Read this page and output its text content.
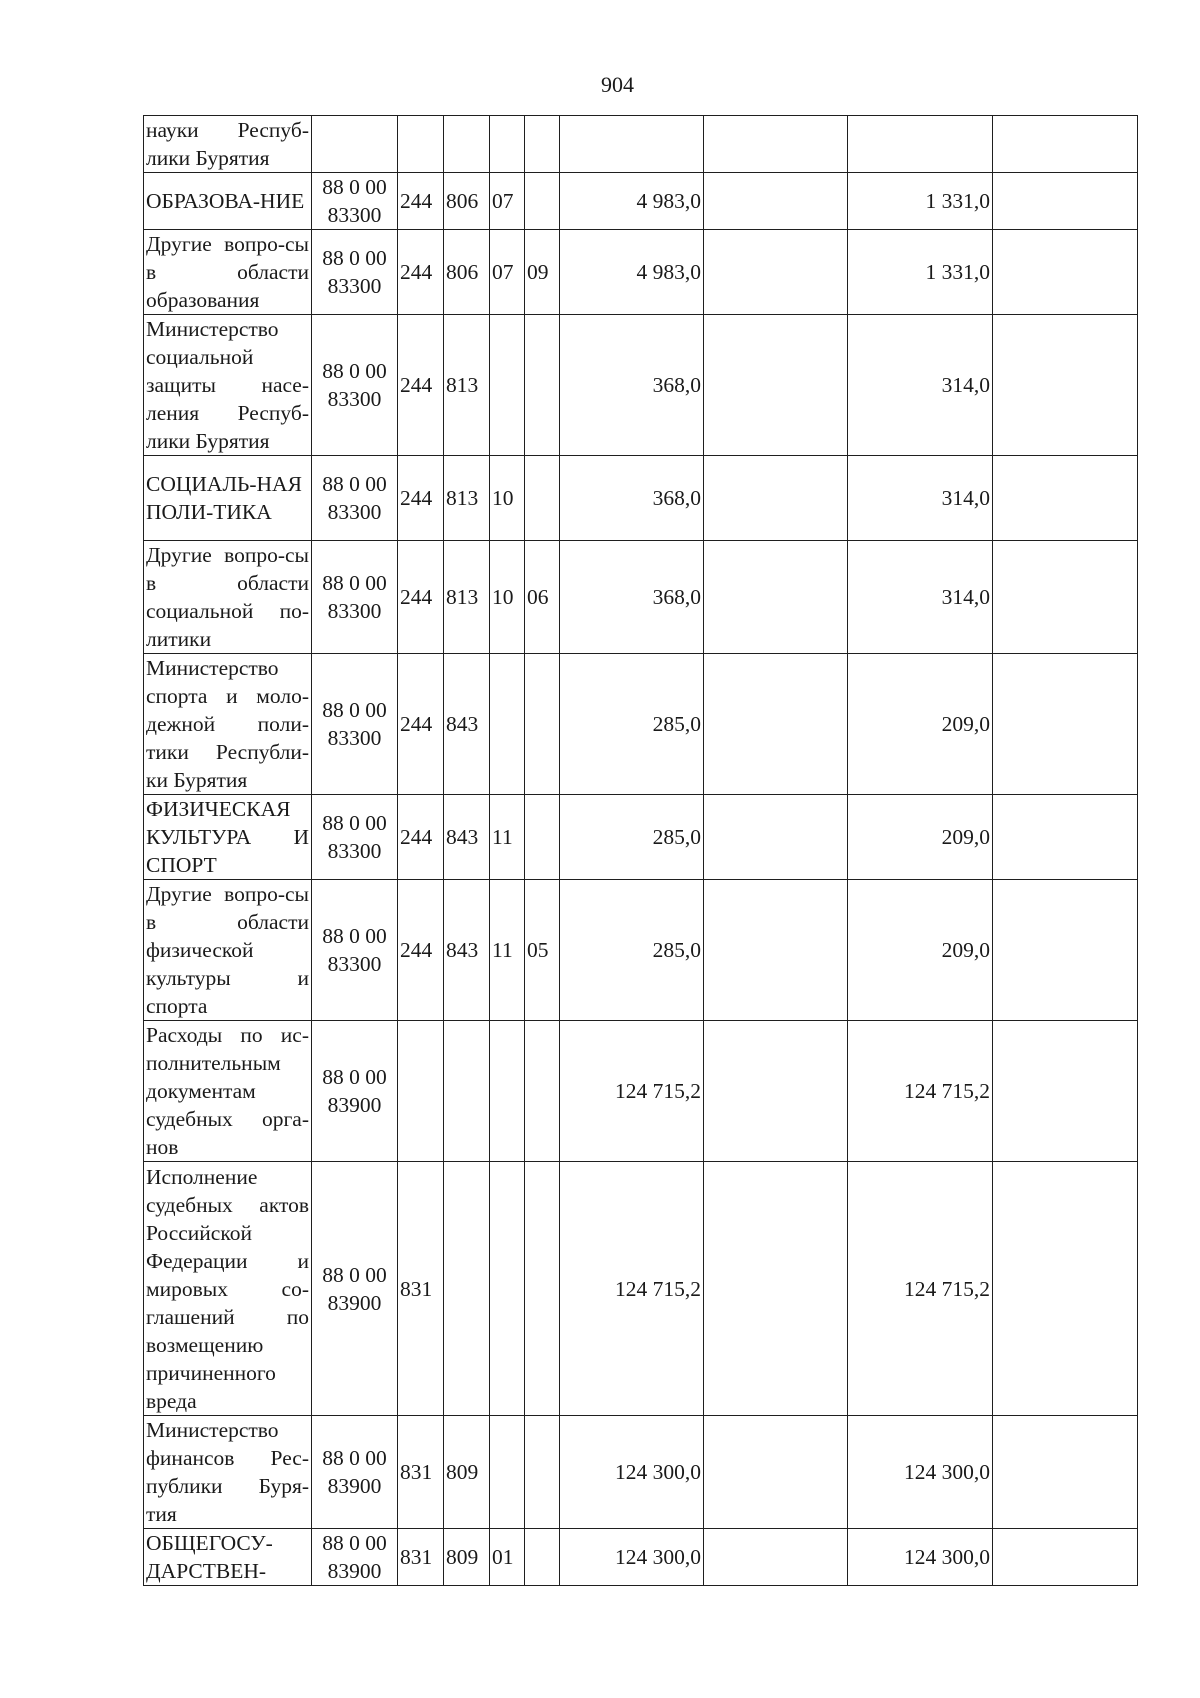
904
науки Респуб-лики Бурятия									
ОБРАЗОВА-НИЕ	88 0 00 83300	244	806	07		4 983,0		1 331,0	
Другие вопро-сы в области образования	88 0 00 83300	244	806	07	09	4 983,0		1 331,0	
Министерство социальной защиты насе-ления Респуб-лики Бурятия	88 0 00 83300	244	813			368,0		314,0	
СОЦИАЛЬ-НАЯ ПОЛИ-ТИКА	88 0 00 83300	244	813	10		368,0		314,0	
Другие вопро-сы в области социальной по-литики	88 0 00 83300	244	813	10	06	368,0		314,0	
Министерство спорта и моло-дежной поли-тики Республи-ки Бурятия	88 0 00 83300	244	843			285,0		209,0	
ФИЗИЧЕСКАЯ КУЛЬТУРА И СПОРТ	88 0 00 83300	244	843	11		285,0		209,0	
Другие вопро-сы в области физической культуры и спорта	88 0 00 83300	244	843	11	05	285,0		209,0	
Расходы по ис-полнительным документам судебных орга-нов	88 0 00 83900					124 715,2		124 715,2	
Исполнение судебных актов Российской Федерации и мировых со-глашений по возмещению причиненного вреда	88 0 00 83900	831				124 715,2		124 715,2	
Министерство финансов Рес-публики Буря-тия	88 0 00 83900	831	809			124 300,0		124 300,0	
ОБЩЕГОСУ-ДАРСТВЕН-	88 0 00 83900	831	809	01		124 300,0		124 300,0	
